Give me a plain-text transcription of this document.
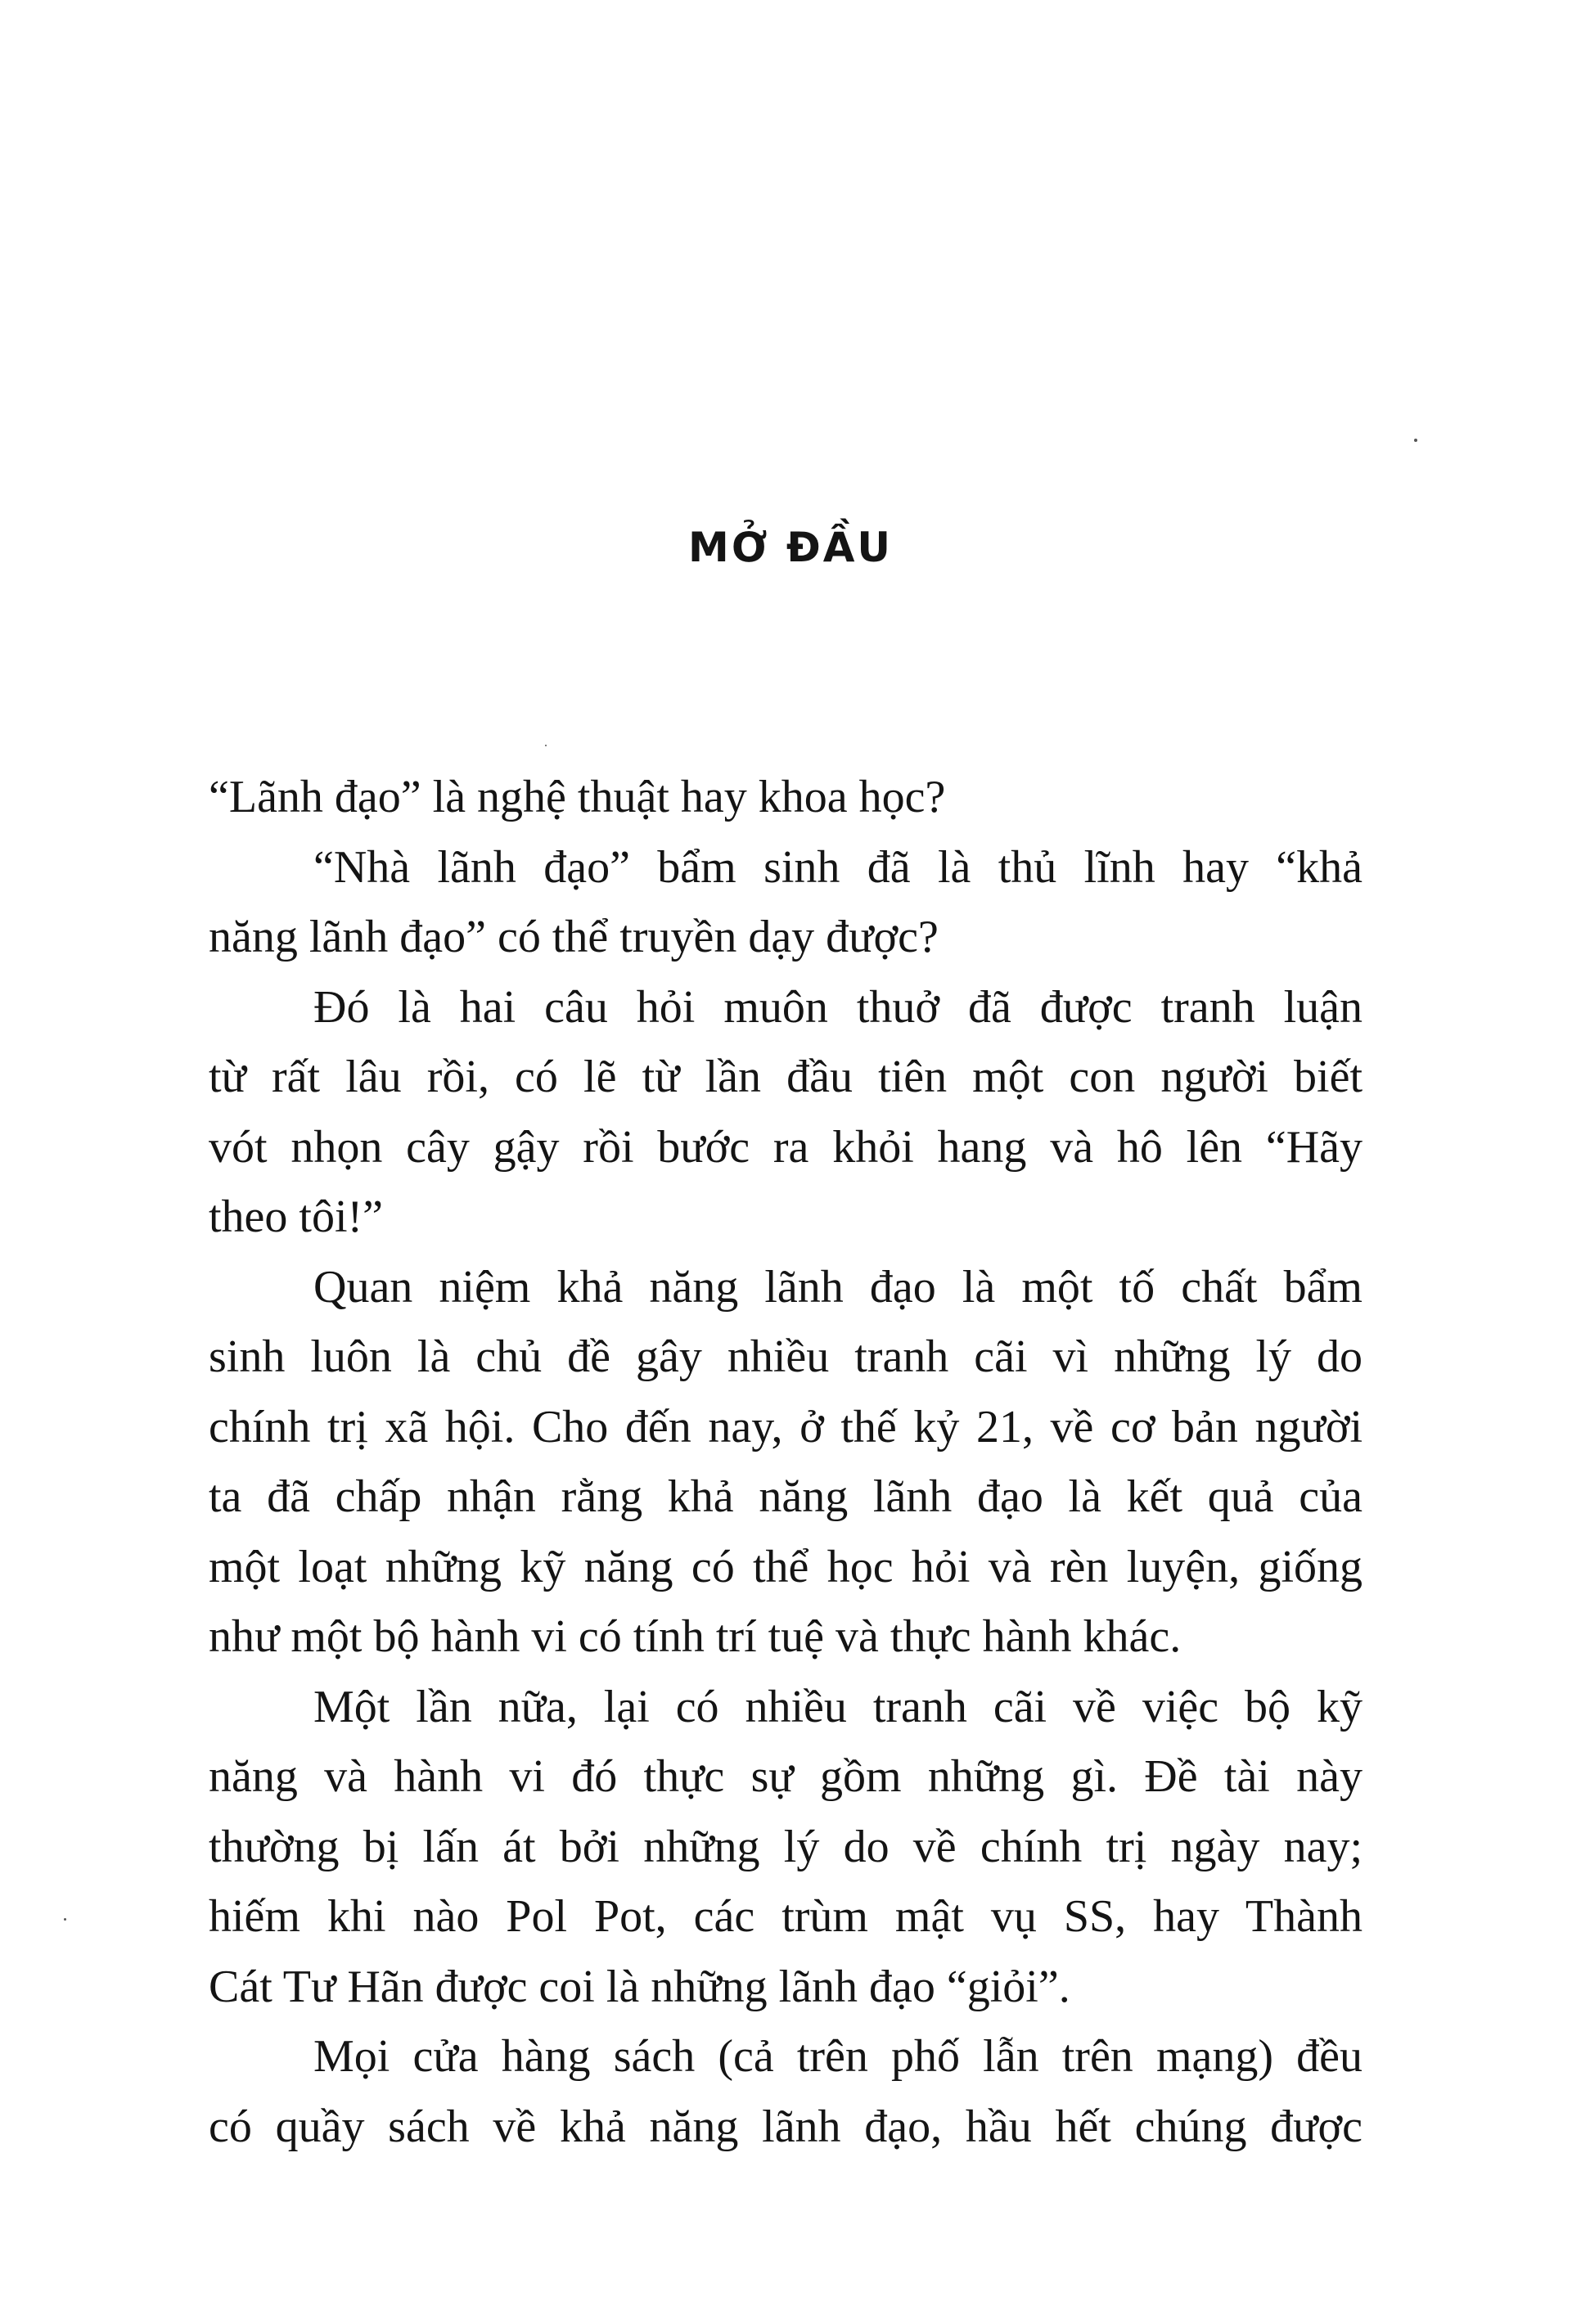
MỞ ĐẦU
“Lãnh đạo” là nghệ thuật hay khoa học?
“Nhà lãnh đạo” bẩm sinh đã là thủ lĩnh hay “khả
năng lãnh đạo” có thể truyền dạy được?
Đó là hai câu hỏi muôn thuở đã được tranh luận
từ rất lâu rồi, có lẽ từ lần đầu tiên một con người biết
vót nhọn cây gậy rồi bước ra khỏi hang và hô lên “Hãy
theo tôi!”
Quan niệm khả năng lãnh đạo là một tố chất bẩm
sinh luôn là chủ đề gây nhiều tranh cãi vì những lý do
chính trị xã hội. Cho đến nay, ở thế kỷ 21, về cơ bản người
ta đã chấp nhận rằng khả năng lãnh đạo là kết quả của
một loạt những kỹ năng có thể học hỏi và rèn luyện, giống
như một bộ hành vi có tính trí tuệ và thực hành khác.
Một lần nữa, lại có nhiều tranh cãi về việc bộ kỹ
năng và hành vi đó thực sự gồm những gì. Đề tài này
thường bị lấn át bởi những lý do về chính trị ngày nay;
hiếm khi nào Pol Pot, các trùm mật vụ SS, hay Thành
Cát Tư Hãn được coi là những lãnh đạo “giỏi”.
Mọi cửa hàng sách (cả trên phố lẫn trên mạng) đều
có quầy sách về khả năng lãnh đạo, hầu hết chúng được
